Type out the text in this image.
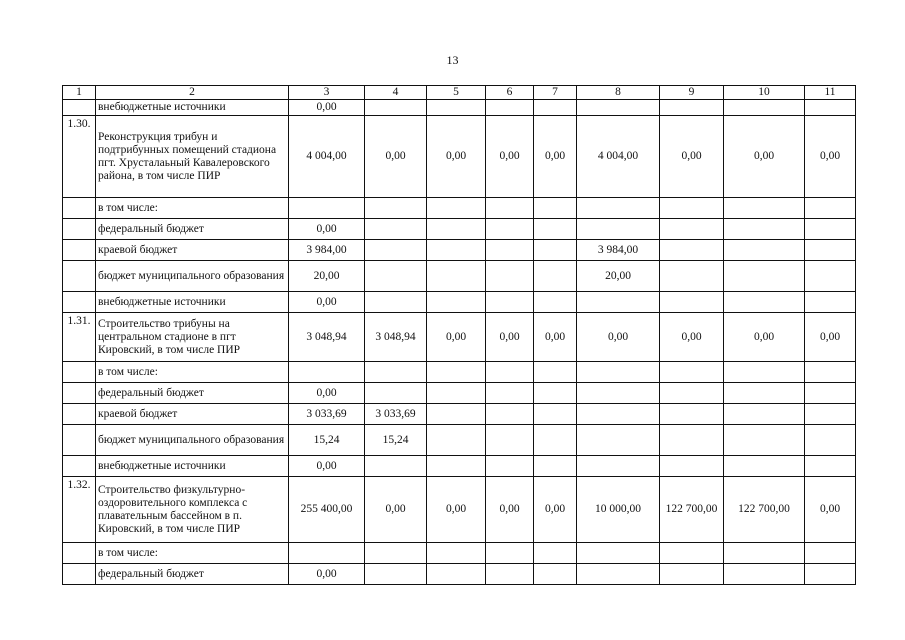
13
1	2	3	4	5	6	7	8	9	10	11
	внебюджетные источники	0,00								
1.30.	Реконструкция трибун и подтрибунных помещений стадиона пгт. Хрусталаьный Кавалеровского района, в том числе ПИР	4 004,00	0,00	0,00	0,00	0,00	4 004,00	0,00	0,00	0,00
	в том числе:									
	федеральный бюджет	0,00								
	краевой бюджет	3 984,00					3 984,00			
	бюджет муниципального образования	20,00					20,00			
	внебюджетные источники	0,00								
1.31.	Строительство трибуны на центральном стадионе в пгт Кировский, в том числе ПИР	3 048,94	3 048,94	0,00	0,00	0,00	0,00	0,00	0,00	0,00
	в том числе:									
	федеральный бюджет	0,00								
	краевой бюджет	3 033,69	3 033,69							
	бюджет муниципального образования	15,24	15,24							
	внебюджетные источники	0,00								
1.32.	Строительство физкультурно-оздоровительного комплекса с плавательным бассейном в п. Кировский, в том числе ПИР	255 400,00	0,00	0,00	0,00	0,00	10 000,00	122 700,00	122 700,00	0,00
	в том числе:									
	федеральный бюджет	0,00								
